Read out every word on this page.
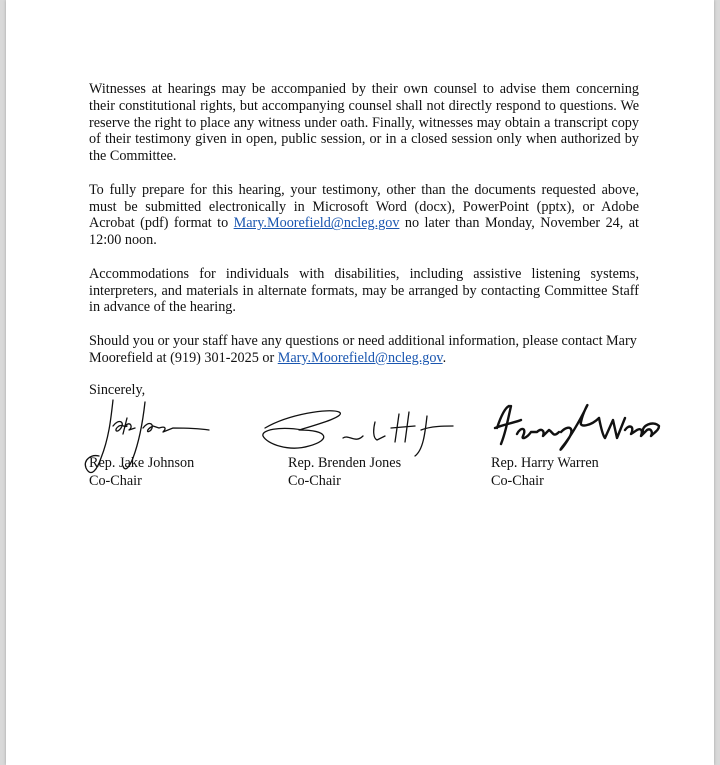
Witnesses at hearings may be accompanied by their own counsel to advise them concerning their constitutional rights, but accompanying counsel shall not directly respond to questions. We reserve the right to place any witness under oath. Finally, witnesses may obtain a transcript copy of their testimony given in open, public session, or in a closed session only when authorized by the Committee.

To fully prepare for this hearing, your testimony, other than the documents requested above, must be submitted electronically in Microsoft Word (docx), PowerPoint (pptx), or Adobe Acrobat (pdf) format to Mary.Moorefield@ncleg.gov no later than Monday, November 24, at 12:00 noon.

Accommodations for individuals with disabilities, including assistive listening systems, interpreters, and materials in alternate formats, may be arranged by contacting Committee Staff in advance of the hearing.

Should you or your staff have any questions or need additional information, please contact Mary Moorefield at (919) 301-2025 or Mary.Moorefield@ncleg.gov.

Sincerely,
Rep. Jake Johnson
Co-Chair
Rep. Brenden Jones
Co-Chair
Rep. Harry Warren
Co-Chair
